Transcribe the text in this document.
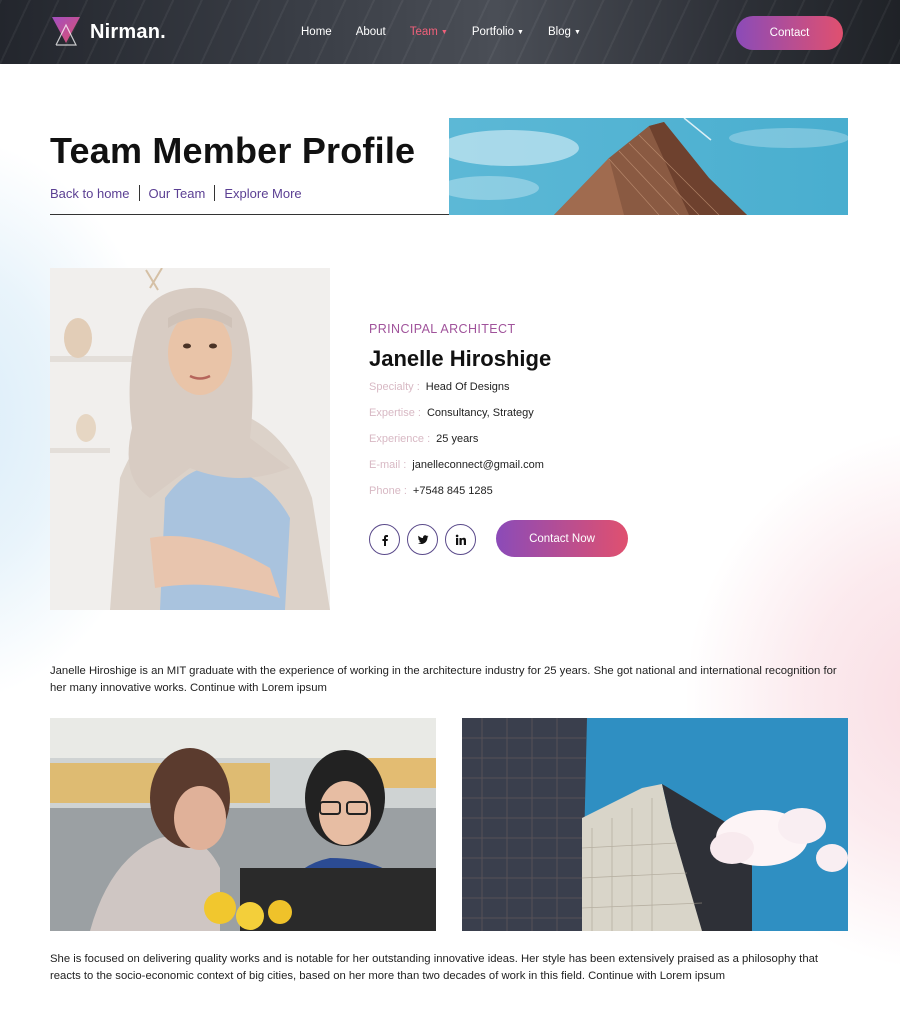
Nirman.	Home About Team ▼ Portfolio ▼ Blog ▼	Contact
Team Member Profile
Back to home Our Team Explore More
PRINCIPAL ARCHITECT
Janelle Hiroshige
Specialty : Head Of Designs
Expertise : Consultancy, Strategy
Experience : 25 years
E-mail : janelleconnect@gmail.com
Phone : +7548 845 1285
Contact Now

Janelle Hiroshige is an MIT graduate with the experience of working in the architecture industry for 25 years. She got national and international recognition for her many innovative works. Continue with Lorem ipsum

She is focused on delivering quality works and is notable for her outstanding innovative ideas. Her style has been extensively praised as a philosophy that reacts to the socio-economic context of big cities, based on her more than two decades of work in this field. Continue with Lorem ipsum
